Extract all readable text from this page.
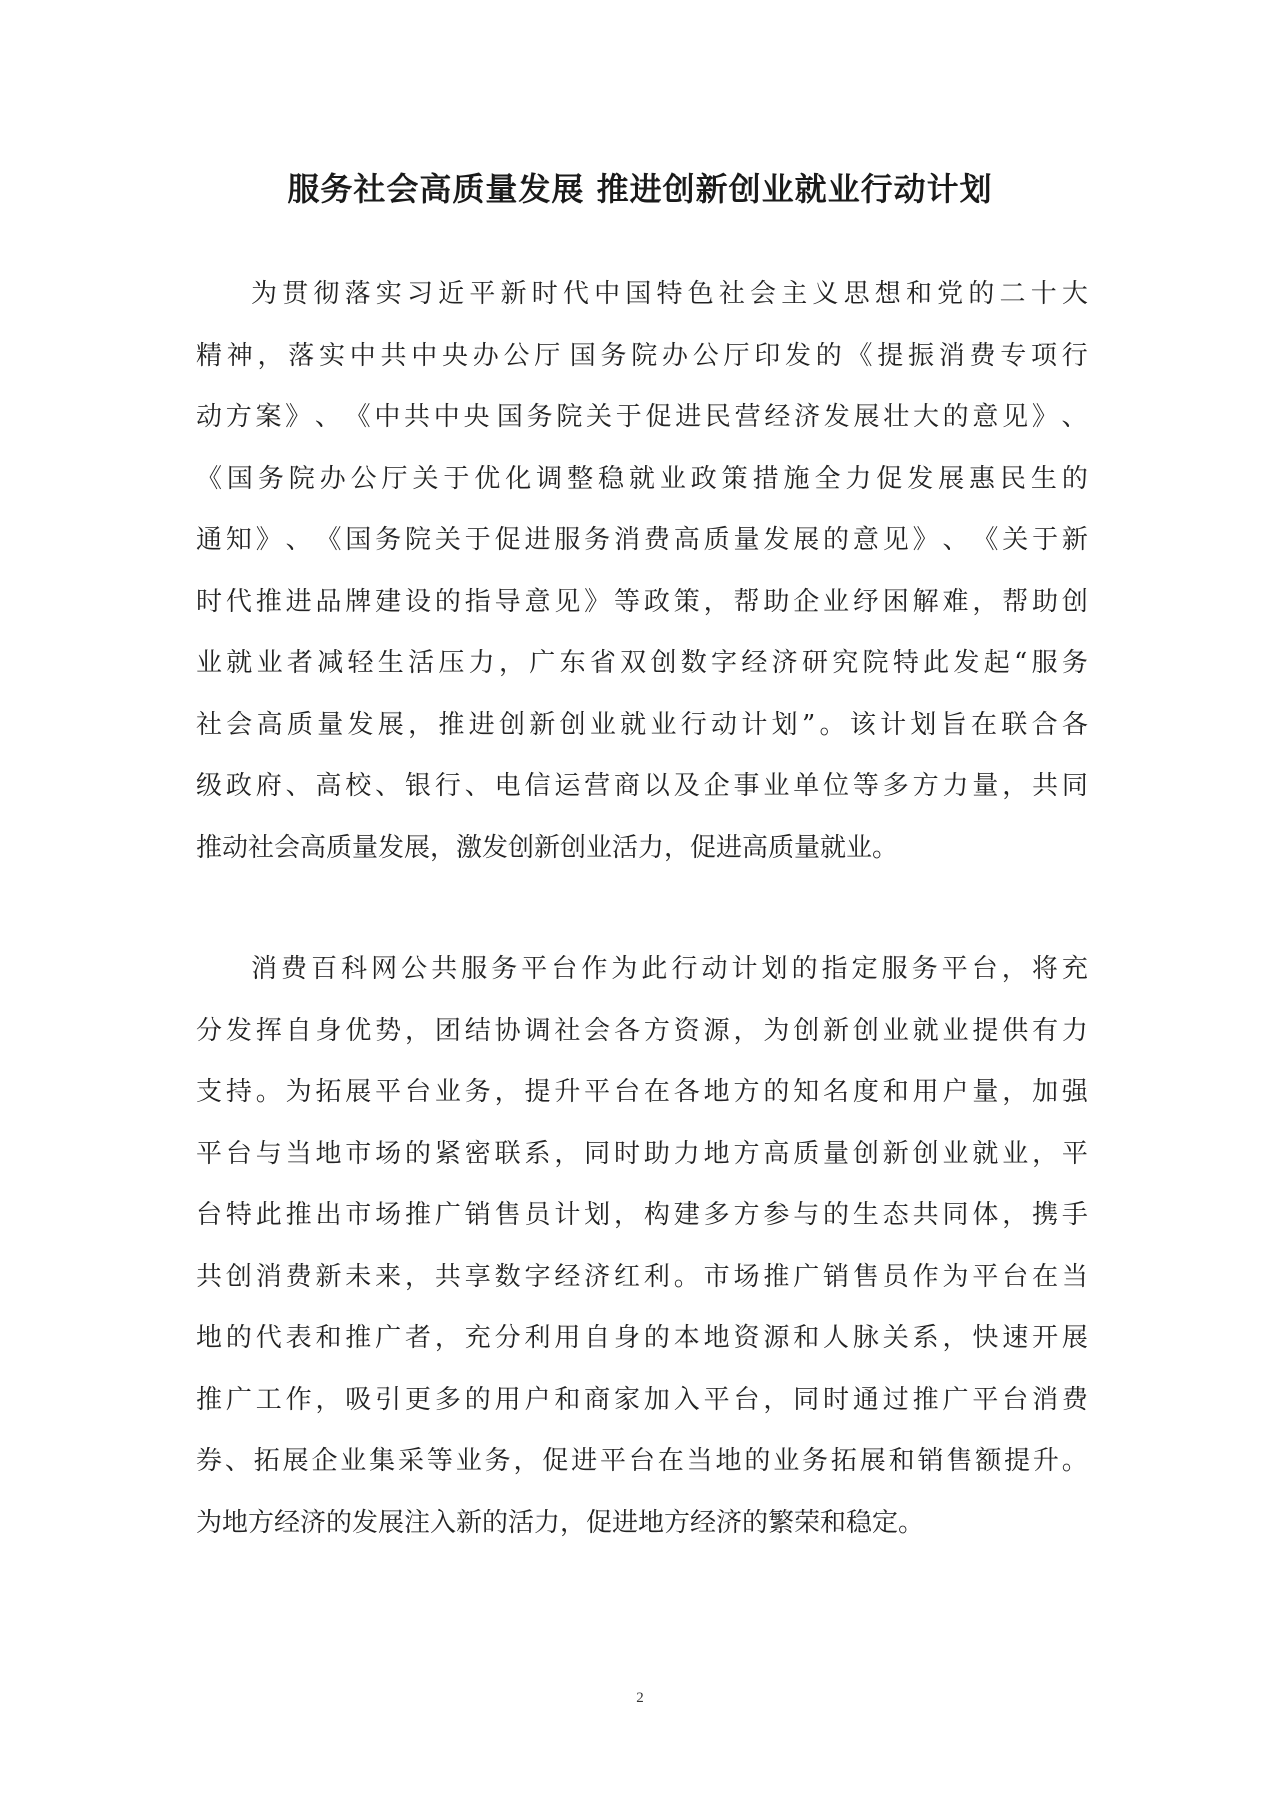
服务社会高质量发展 推进创新创业就业行动计划
为 贯 彻 落 实 习 近 平 新 时 代 中 国 特 色 社 会 主 义 思 想 和 党 的 二 十 大
精 神 ， 落 实 中 共 中 央 办 公 厅 国 务 院 办 公 厅 印 发 的 《 提 振 消 费 专 项 行
动 方 案 》 、 《 中 共 中 央 国 务 院 关 于 促 进 民 营 经 济 发 展 壮 大 的 意 见 》 、
《 国 务 院 办 公 厅 关 于 优 化 调 整 稳 就 业 政 策 措 施 全 力 促 发 展 惠 民 生 的
通 知 》 、 《 国 务 院 关 于 促 进 服 务 消 费 高 质 量 发 展 的 意 见 》 、 《 关 于 新
时 代 推 进 品 牌 建 设 的 指 导 意 见 》 等 政 策 ， 帮 助 企 业 纾 困 解 难 ， 帮 助 创
业 就 业 者 减 轻 生 活 压 力 ， 广 东 省 双 创 数 字 经 济 研 究 院 特 此 发 起 “ 服 务
社 会 高 质 量 发 展 ， 推 进 创 新 创 业 就 业 行 动 计 划 ” 。 该 计 划 旨 在 联 合 各
级 政 府 、 高 校 、 银 行 、 电 信 运 营 商 以 及 企 事 业 单 位 等 多 方 力 量 ， 共 同
推动社会高质量发展，激发创新创业活力，促进高质量就业。
消 费 百 科 网 公 共 服 务 平 台 作 为 此 行 动 计 划 的 指 定 服 务 平 台 ， 将 充
分 发 挥 自 身 优 势 ， 团 结 协 调 社 会 各 方 资 源 ， 为 创 新 创 业 就 业 提 供 有 力
支 持 。 为 拓 展 平 台 业 务 ， 提 升 平 台 在 各 地 方 的 知 名 度 和 用 户 量 ， 加 强
平 台 与 当 地 市 场 的 紧 密 联 系 ， 同 时 助 力 地 方 高 质 量 创 新 创 业 就 业 ， 平
台 特 此 推 出 市 场 推 广 销 售 员 计 划 ， 构 建 多 方 参 与 的 生 态 共 同 体 ， 携 手
共 创 消 费 新 未 来 ， 共 享 数 字 经 济 红 利 。 市 场 推 广 销 售 员 作 为 平 台 在 当
地 的 代 表 和 推 广 者 ， 充 分 利 用 自 身 的 本 地 资 源 和 人 脉 关 系 ， 快 速 开 展
推 广 工 作 ， 吸 引 更 多 的 用 户 和 商 家 加 入 平 台 ， 同 时 通 过 推 广 平 台 消 费
券 、 拓 展 企 业 集 采 等 业 务 ， 促 进 平 台 在 当 地 的 业 务 拓 展 和 销 售 额 提 升 。
为地方经济的发展注入新的活力，促进地方经济的繁荣和稳定。
2
